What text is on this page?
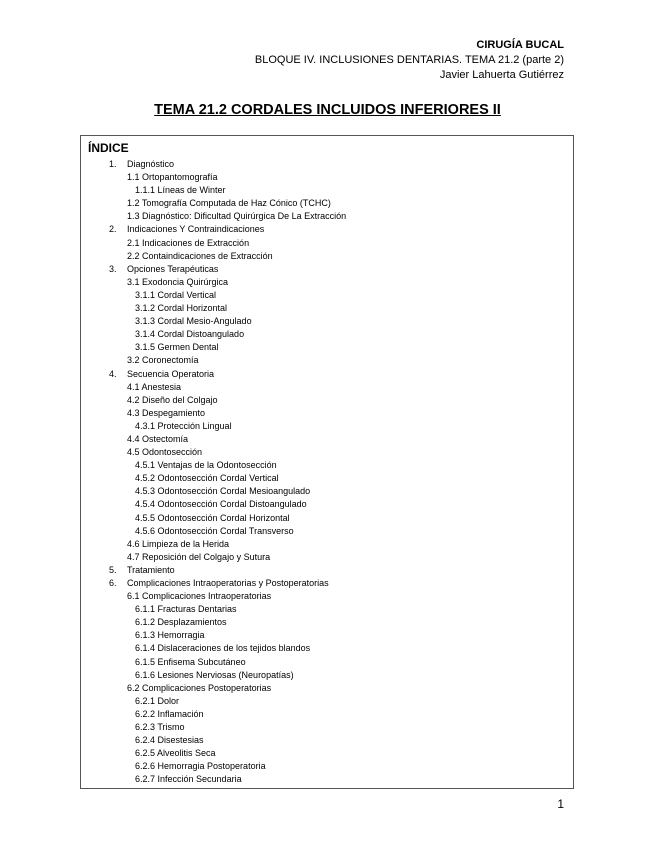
CIRUGÍA BUCAL
BLOQUE IV. INCLUSIONES DENTARIAS. TEMA 21.2 (parte 2)
Javier Lahuerta Gutiérrez
TEMA 21.2 CORDALES INCLUIDOS INFERIORES II
ÍNDICE
1. Diagnóstico
1.1 Ortopantomografía
1.1.1 Líneas de Winter
1.2 Tomografía Computada de Haz Cónico (TCHC)
1.3 Diagnóstico: Dificultad Quirúrgica De La Extracción
2. Indicaciones Y Contraindicaciones
2.1 Indicaciones de Extracción
2.2 Containdicaciones de Extracción
3. Opciones Terapéuticas
3.1 Exodoncia Quirúrgica
3.1.1 Cordal Vertical
3.1.2 Cordal Horizontal
3.1.3 Cordal Mesio-Angulado
3.1.4 Cordal Distoangulado
3.1.5 Germen Dental
3.2 Coronectomía
4. Secuencia Operatoria
4.1 Anestesia
4.2 Diseño del Colgajo
4.3 Despegamiento
4.3.1 Protección Lingual
4.4 Ostectomía
4.5 Odontosección
4.5.1 Ventajas de la Odontosección
4.5.2 Odontosección Cordal Vertical
4.5.3 Odontosección Cordal Mesioangulado
4.5.4 Odontosección Cordal Distoangulado
4.5.5 Odontosección Cordal Horizontal
4.5.6 Odontosección Cordal Transverso
4.6 Limpieza de la Herida
4.7 Reposición del Colgajo y Sutura
5. Tratamiento
6. Complicaciones Intraoperatorias y Postoperatorias
6.1 Complicaciones Intraoperatorias
6.1.1 Fracturas Dentarias
6.1.2 Desplazamientos
6.1.3 Hemorragia
6.1.4 Dislaceraciones de los tejidos blandos
6.1.5 Enfisema Subcutáneo
6.1.6 Lesiones Nerviosas (Neuropatías)
6.2 Complicaciones Postoperatorias
6.2.1 Dolor
6.2.2 Inflamación
6.2.3 Trismo
6.2.4 Disestesias
6.2.5 Alveolitis Seca
6.2.6 Hemorragia Postoperatoria
6.2.7 Infección Secundaria
1
